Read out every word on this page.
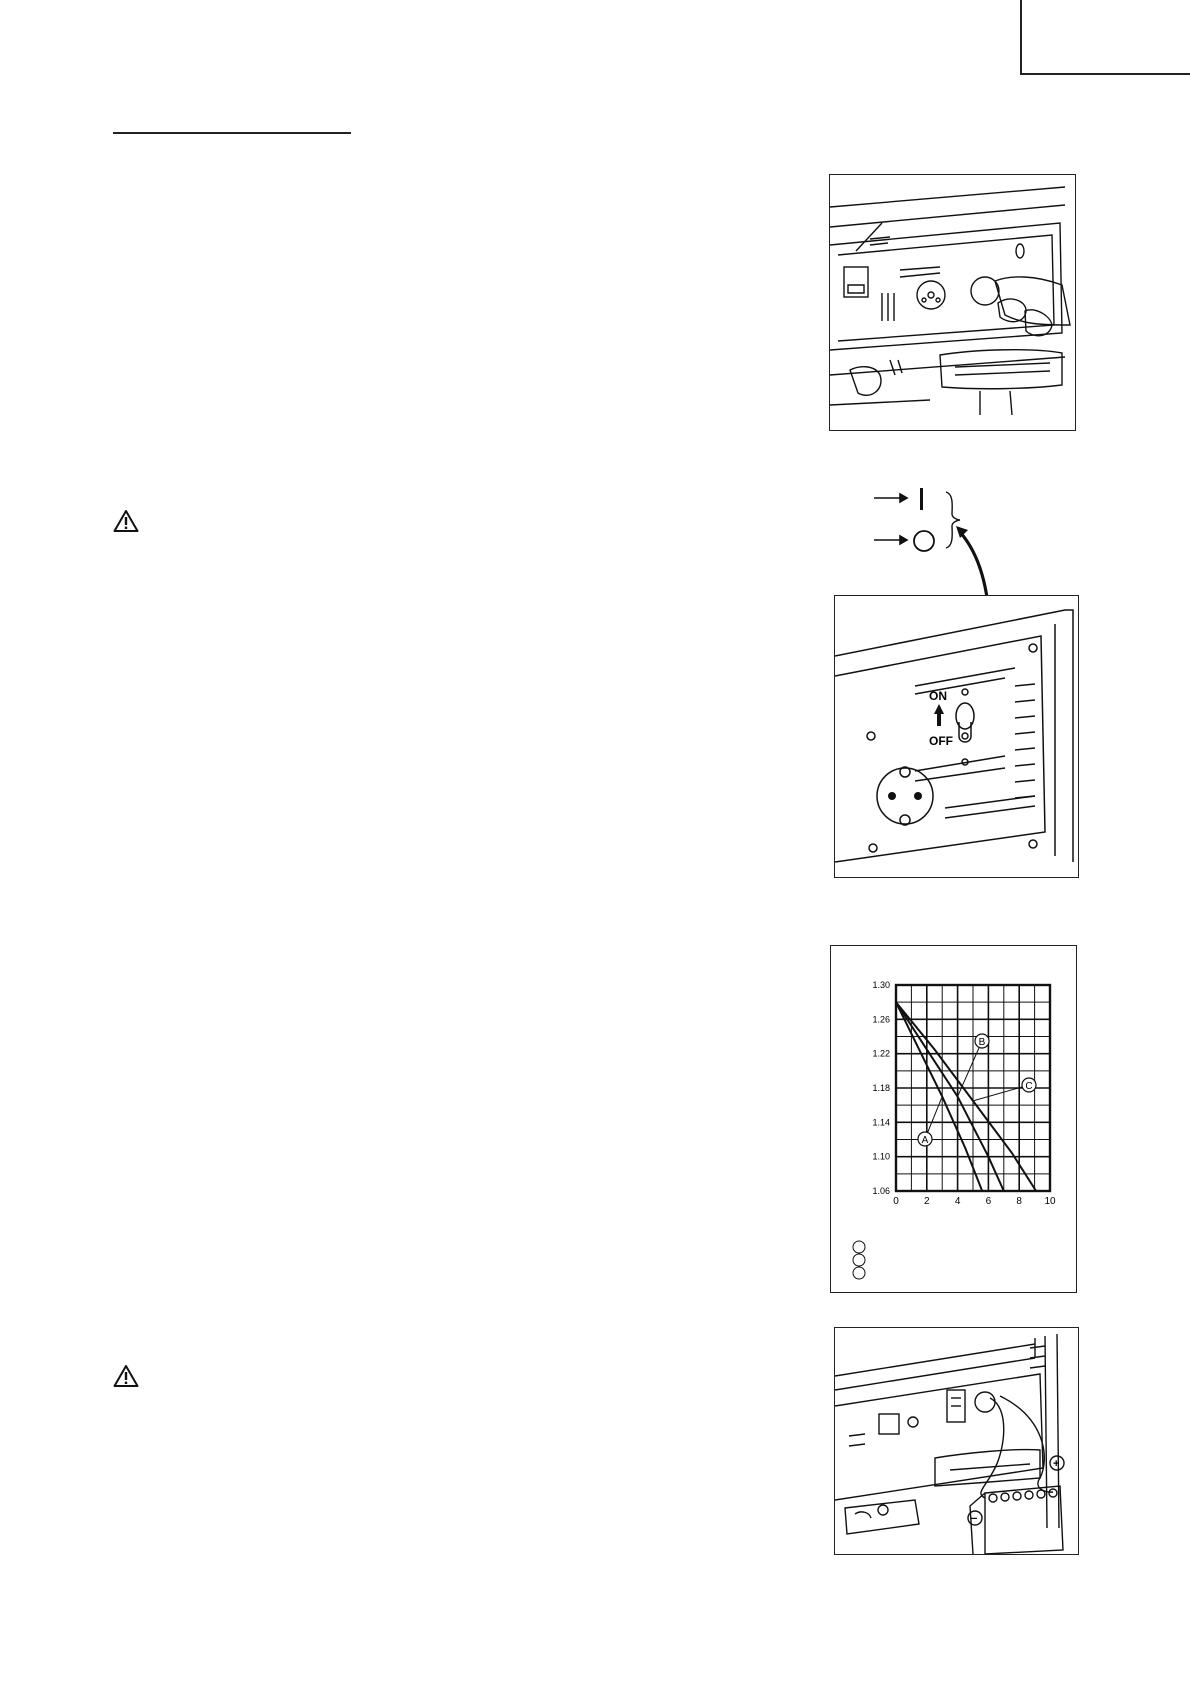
ON
OFF
0	2	4	6	8 10
1.30
1.26
1.22
1.18
1.14
1.10
1.06
A
B
C
+
−
